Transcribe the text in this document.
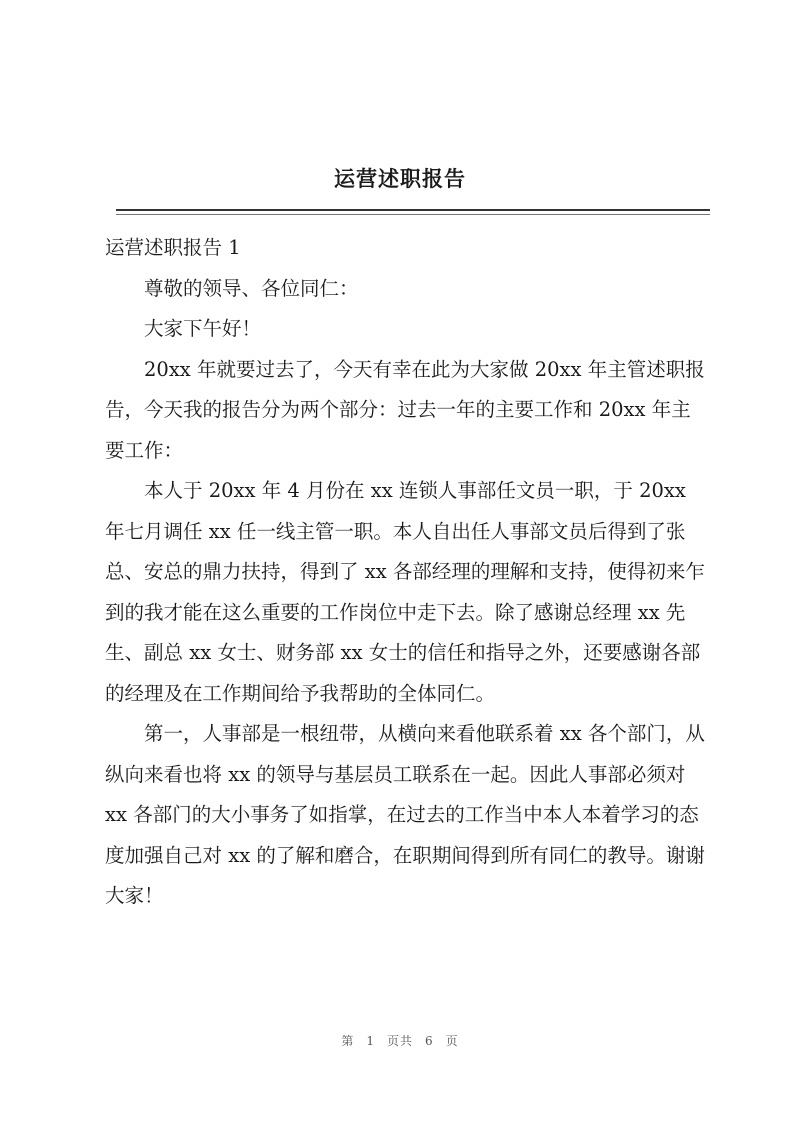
运营述职报告

运营述职报告 1

尊敬的领导、各位同仁：

大家下午好！

20xx 年就要过去了，今天有幸在此为大家做 20xx 年主管述职报告，今天我的报告分为两个部分：过去一年的主要工作和 20xx 年主要工作：

本人于 20xx 年 4 月份在 xx 连锁人事部任文员一职，于 20xx 年七月调任 xx 任一线主管一职。本人自出任人事部文员后得到了张总、安总的鼎力扶持，得到了 xx 各部经理的理解和支持，使得初来乍到的我才能在这么重要的工作岗位中走下去。除了感谢总经理 xx 先生、副总 xx 女士、财务部 xx 女士的信任和指导之外，还要感谢各部的经理及在工作期间给予我帮助的全体同仁。

第一，人事部是一根纽带，从横向来看他联系着 xx 各个部门，从纵向来看也将 xx 的领导与基层员工联系在一起。因此人事部必须对 xx 各部门的大小事务了如指掌，在过去的工作当中本人本着学习的态度加强自己对 xx 的了解和磨合，在职期间得到所有同仁的教导。谢谢大家！

第 1 页共 6 页
